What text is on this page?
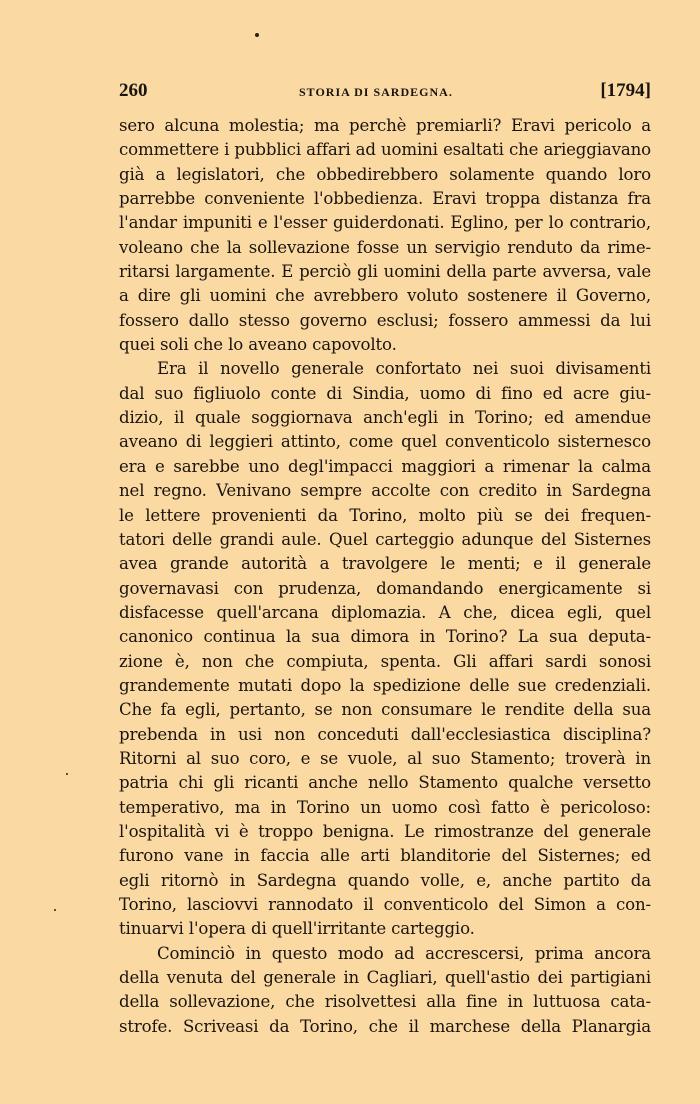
260	STORIA DI SARDEGNA.	[1794]
sero alcuna molestia; ma perchè premiarli? Eravi pericolo a
commettere i pubblici affari ad uomini esaltati che arieggiavano
già a legislatori, che obbedirebbero solamente quando loro
parrebbe conveniente l'obbedienza. Eravi troppa distanza fra
l'andar impuniti e l'esser guiderdonati. Eglino, per lo contrario,
voleano che la sollevazione fosse un servigio renduto da rime-
ritarsi largamente. E perciò gli uomini della parte avversa, vale
a dire gli uomini che avrebbero voluto sostenere il Governo,
fossero dallo stesso governo esclusi; fossero ammessi da lui
quei soli che lo aveano capovolto.
Era il novello generale confortato nei suoi divisamenti
dal suo figliuolo conte di Sindia, uomo di fino ed acre giu-
dizio, il quale soggiornava anch'egli in Torino; ed amendue
aveano di leggieri attinto, come quel conventicolo sisternesco
era e sarebbe uno degl'impacci maggiori a rimenar la calma
nel regno. Venivano sempre accolte con credito in Sardegna
le lettere provenienti da Torino, molto più se dei frequen-
tatori delle grandi aule. Quel carteggio adunque del Sisternes
avea grande autorità a travolgere le menti; e il generale
governavasi con prudenza, domandando energicamente si
disfacesse quell'arcana diplomazia. A che, dicea egli, quel
canonico continua la sua dimora in Torino? La sua deputa-
zione è, non che compiuta, spenta. Gli affari sardi sonosi
grandemente mutati dopo la spedizione delle sue credenziali.
Che fa egli, pertanto, se non consumare le rendite della sua
prebenda in usi non conceduti dall'ecclesiastica disciplina?
Ritorni al suo coro, e se vuole, al suo Stamento; troverà in
patria chi gli ricanti anche nello Stamento qualche versetto
temperativo, ma in Torino un uomo così fatto è pericoloso:
l'ospitalità vi è troppo benigna. Le rimostranze del generale
furono vane in faccia alle arti blanditorie del Sisternes; ed
egli ritornò in Sardegna quando volle, e, anche partito da
Torino, lasciovvi rannodato il conventicolo del Simon a con-
tinuarvi l'opera di quell'irritante carteggio.
Cominciò in questo modo ad accrescersi, prima ancora
della venuta del generale in Cagliari, quell'astio dei partigiani
della sollevazione, che risolvettesi alla fine in luttuosa cata-
strofe. Scriveasi da Torino, che il marchese della Planargia
